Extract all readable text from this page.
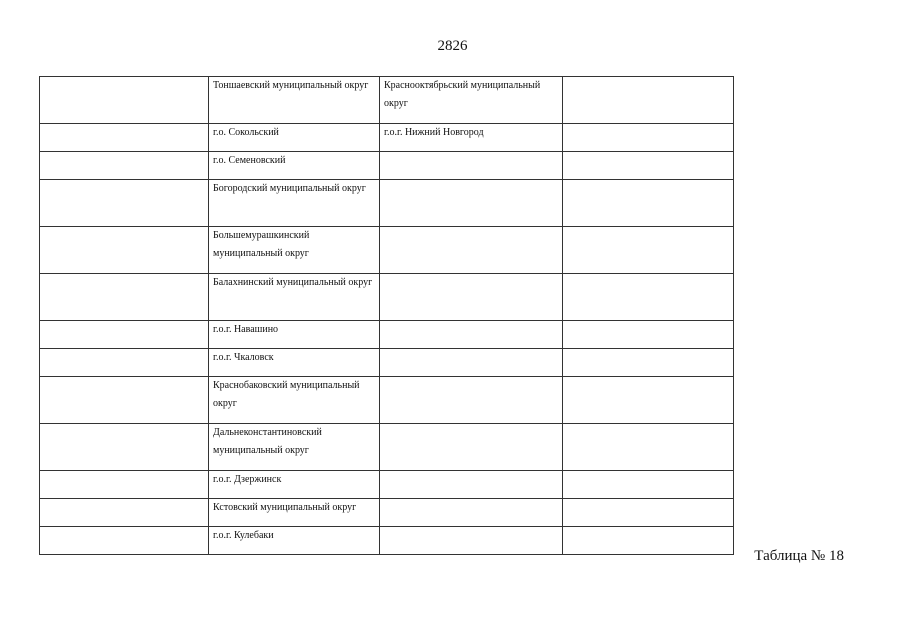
2826
	Тоншаевский муниципальный округ	Краснооктябрьский муниципальный округ	
	г.о. Сокольский	г.о.г. Нижний Новгород	
	г.о. Семеновский		
	Богородский муниципальный округ		
	Большемурашкинский муниципальный округ		
	Балахнинский муниципальный округ		
	г.о.г. Навашино		
	г.о.г. Чкаловск		
	Краснобаковский муниципальный округ		
	Дальнеконстантиновский муниципальный округ		
	г.о.г. Дзержинск		
	Кстовский муниципальный округ		
	г.о.г. Кулебаки		
Таблица № 18
